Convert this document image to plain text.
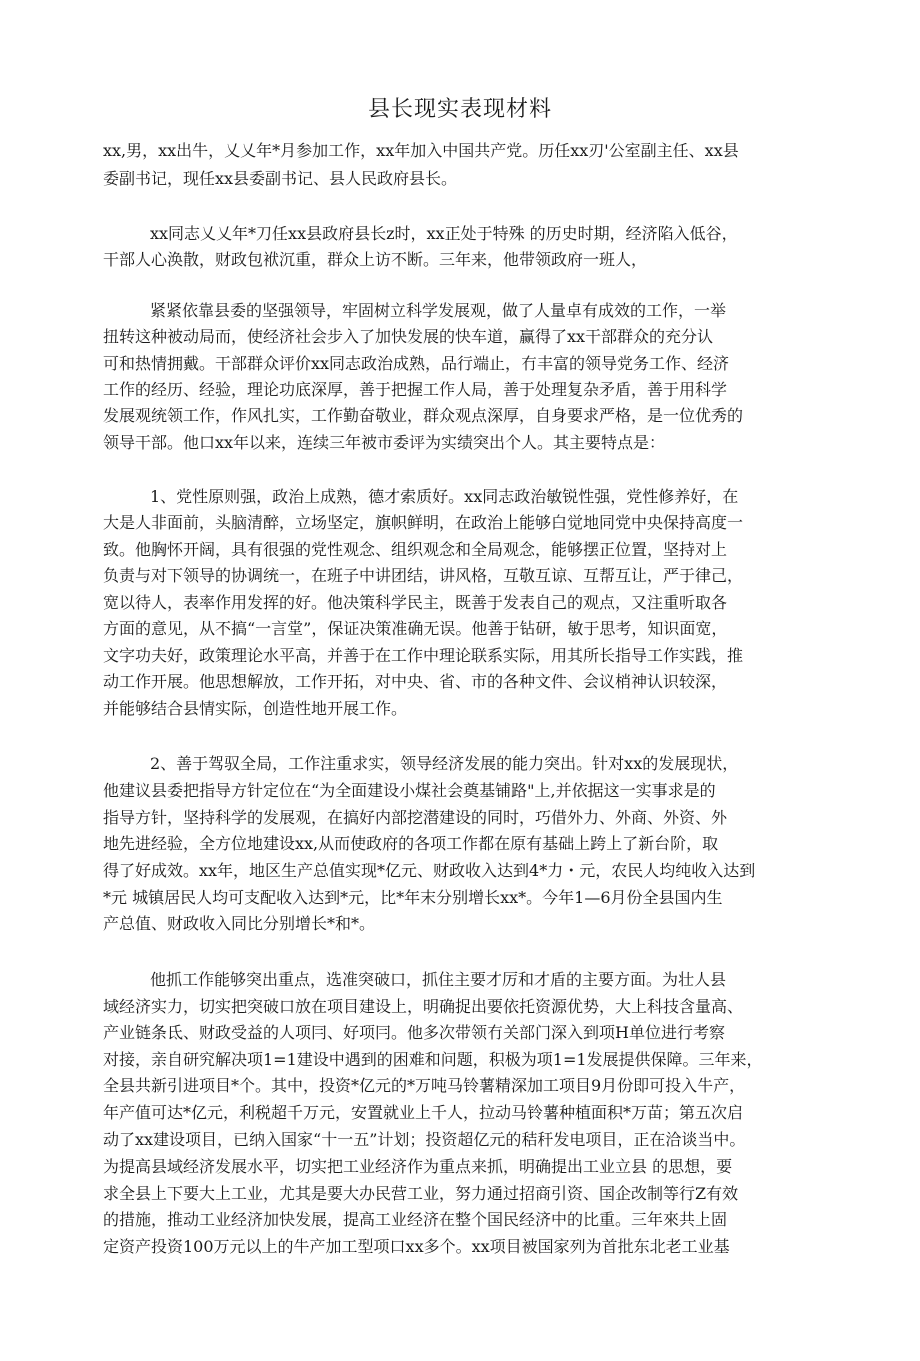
县长现实表现材料
xx,男，xx出牛，乂乂年*月参加工作，xx年加入中国共产党。历任xx刃'公室副主任、xx县
委副书记，现任xx县委副书记、县人民政府县长。
xx同志乂乂年*刀任xx县政府县长z时，xx正处于特殊 的历史时期，经济陷入低谷，
干部人心涣散，财政包袱沉重，群众上访不断。三年来，他带领政府一班人，
紧紧依靠县委的坚强领导，牢固树立科学发展观，做了人量卓有成效的工作，一举
扭转这种被动局而，使经济社会步入了加快发展的快车道，赢得了xx干部群众的充分认
可和热情拥戴。干部群众评价xx同志政治成熟，品行端止，冇丰富的领导党务工作、经济
工作的经历、经验，理论功底深厚，善于把握工作人局，善于处理复杂矛盾，善于用科学
发展观统领工作，作风扎实，工作勤奋敬业，群众观点深厚，自身要求严格，是一位优秀的
领导干部。他口xx年以来，连续三年被市委评为实绩突出个人。其主要特点是：
1、党性原则强，政治上成熟，德才索质好。xx同志政治敏锐性强，党性修养好，在
大是人非面前，头脑清醉，立场坚定，旗帜鲜明，在政治上能够白觉地同党中央保持高度一
致。他胸怀开阔，具有很强的党性观念、组织观念和全局观念，能够摆正位置，坚持对上
负责与对下领导的协调统一，在班子中讲团结，讲风格，互敬互谅、互帮互让，严于律己，
宽以待人，表率作用发挥的好。他决策科学民主，既善于发表自己的观点，又注重听取各
方面的意见，从不搞“一言堂”，保证决策准确无误。他善于钻研，敏于思考，知识面宽，
文字功夫好，政策理论水平高，并善于在工作中理论联系实际，用其所长指导工作实践，推
动工作开展。他思想解放，工作开拓，对中央、省、市的各种文件、会议梢神认识较深，
并能够结合县情实际，创造性地开展工作。
2、善于驾驭全局，工作注重求实，领导经济发展的能力突出。针对xx的发展现状，
他建议县委把指导方针定位在“为全面建设小煤社会奠基铺路"上,并依据这一实事求是的
指导方针，坚持科学的发展观，在搞好内部挖潜建设的同时，巧借外力、外商、外资、外
地先进经验，全方位地建设xx,从而使政府的各项工作都在原有基础上跨上了新台阶，取
得了好成效。xx年，地区生产总值实现*亿元、财政收入达到4*力・元，农民人均纯收入达到
*元 城镇居民人均可支配收入达到*元，比*年末分别增长xx*。今年1—6月份全县国内生
产总值、财政收入同比分别增长*和*。
他抓工作能够突出重点，选准突破口，抓住主要才厉和才盾的主要方面。为壮人县
域经济实力，切实把突破口放在项目建设上，明确捉出要依托资源优势，大上科技含量高、
产业链条氐、财政受益的人项冃、好项冃。他多次带领冇关部门深入到项H单位进行考察
对接，亲自研究解决项1=1建设中遇到的困难和问题，积极为项1=1发展提供保障。三年来，
全县共新引进项目*个。其中，投资*亿元的*万吨马铃薯精深加工项目9月份即可投入牛产，
年产值可达*亿元，利税超千万元，安置就业上千人，拉动马铃薯种植面积*万苗；第五次启
动了xx建设项目，已纳入国家“十一五”计划；投资超亿元的秸秆发电项目，正在洽谈当中。
为提高县域经济发展水平，切实把工业经济作为重点来抓，明确提出工业立县 的思想，要
求全县上下要大上工业，尤其是要大办民营工业，努力通过招商引资、国企改制等行Z有效
的措施，推动工业经济加快发展，提高工业经济在整个国民经济中的比重。三年來共上固
定资产投资100万元以上的牛产加工型项口xx多个。xx项目被国家列为首批东北老工业基
